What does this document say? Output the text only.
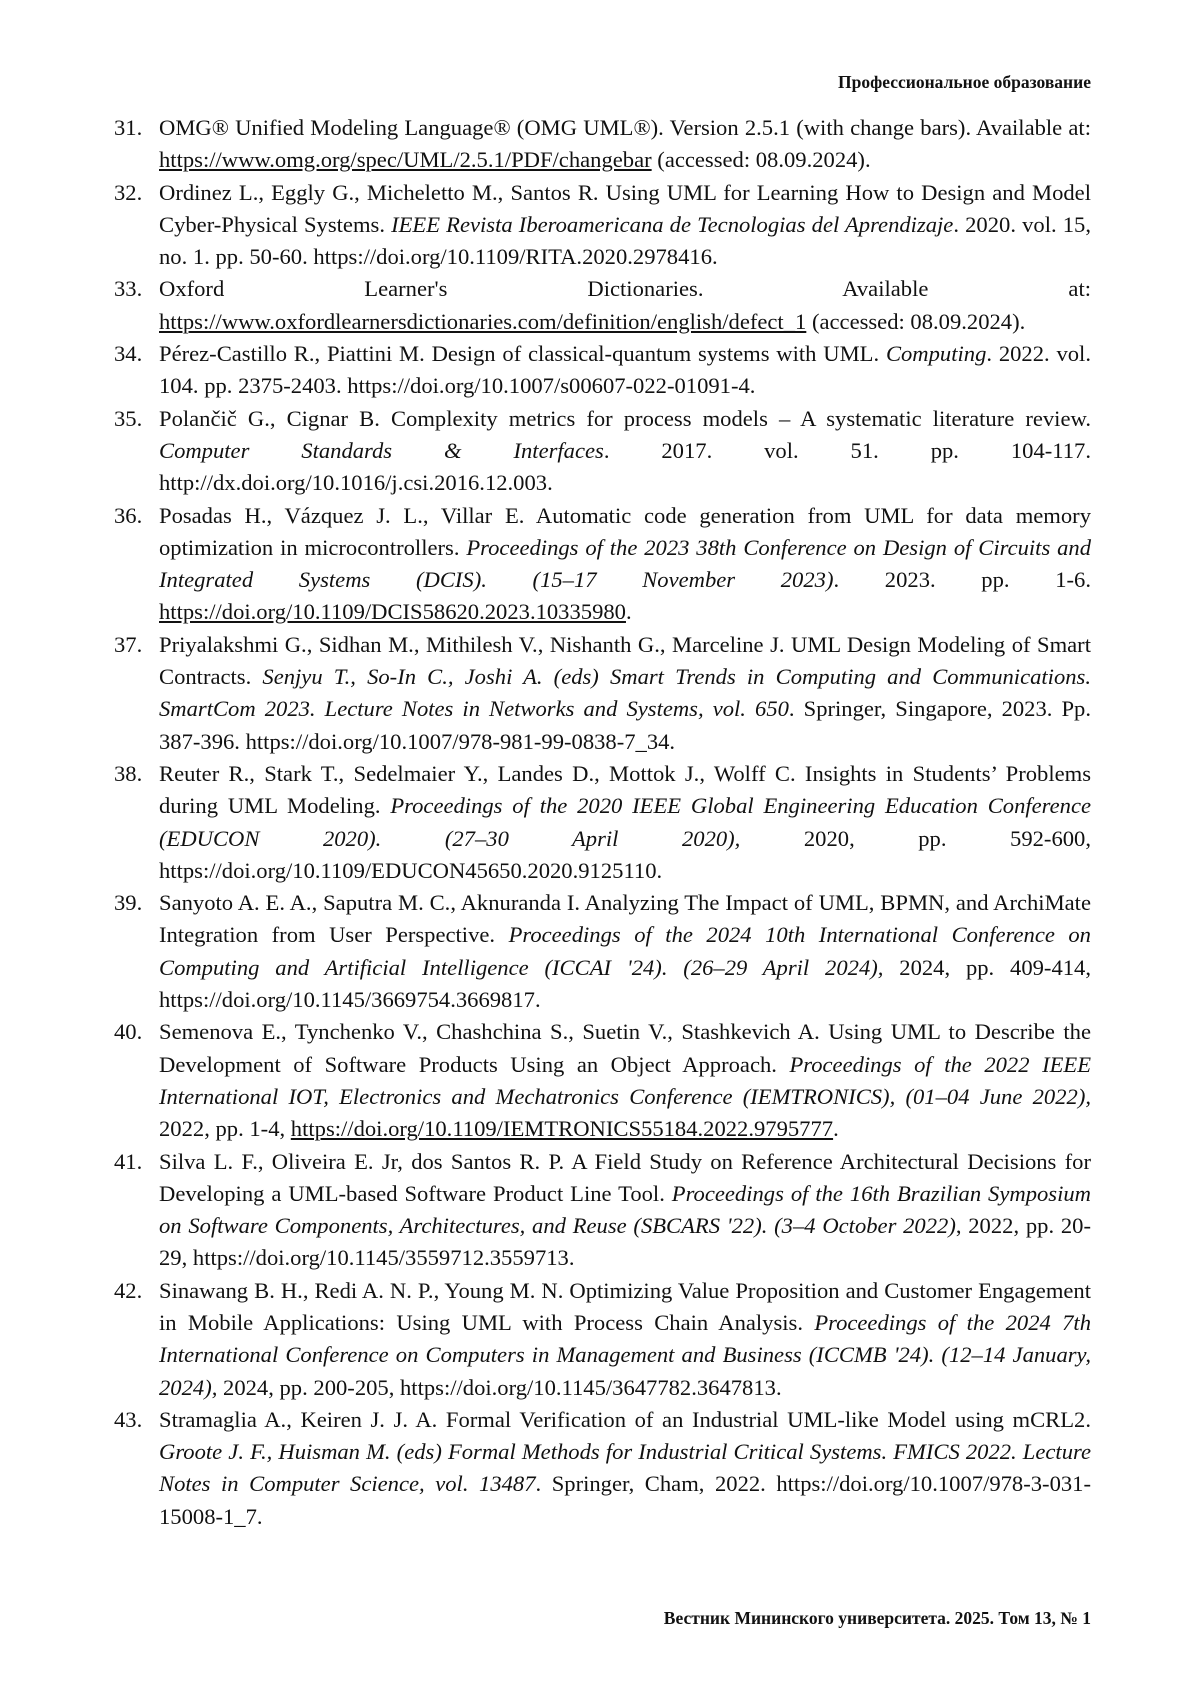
Профессиональное образование
31. OMG® Unified Modeling Language® (OMG UML®). Version 2.5.1 (with change bars). Available at: https://www.omg.org/spec/UML/2.5.1/PDF/changebar (accessed: 08.09.2024).
32. Ordinez L., Eggly G., Micheletto M., Santos R. Using UML for Learning How to Design and Model Cyber-Physical Systems. IEEE Revista Iberoamericana de Tecnologias del Aprendizaje. 2020. vol. 15, no. 1. pp. 50-60. https://doi.org/10.1109/RITA.2020.2978416.
33. Oxford Learner's Dictionaries. Available at: https://www.oxfordlearnersdictionaries.com/definition/english/defect_1 (accessed: 08.09.2024).
34. Pérez-Castillo R., Piattini M. Design of classical-quantum systems with UML. Computing. 2022. vol. 104. pp. 2375-2403. https://doi.org/10.1007/s00607-022-01091-4.
35. Polančič G., Cignar B. Complexity metrics for process models – A systematic literature review. Computer Standards & Interfaces. 2017. vol. 51. pp. 104-117. http://dx.doi.org/10.1016/j.csi.2016.12.003.
36. Posadas H., Vázquez J. L., Villar E. Automatic code generation from UML for data memory optimization in microcontrollers. Proceedings of the 2023 38th Conference on Design of Circuits and Integrated Systems (DCIS). (15–17 November 2023). 2023. pp. 1-6. https://doi.org/10.1109/DCIS58620.2023.10335980.
37. Priyalakshmi G., Sidhan M., Mithilesh V., Nishanth G., Marceline J. UML Design Modeling of Smart Contracts. Senjyu T., So-In C., Joshi A. (eds) Smart Trends in Computing and Communications. SmartCom 2023. Lecture Notes in Networks and Systems, vol. 650. Springer, Singapore, 2023. Pp. 387-396. https://doi.org/10.1007/978-981-99-0838-7_34.
38. Reuter R., Stark T., Sedelmaier Y., Landes D., Mottok J., Wolff C. Insights in Students’ Problems during UML Modeling. Proceedings of the 2020 IEEE Global Engineering Education Conference (EDUCON 2020). (27–30 April 2020), 2020, pp. 592-600, https://doi.org/10.1109/EDUCON45650.2020.9125110.
39. Sanyoto A. E. A., Saputra M. C., Aknuranda I. Analyzing The Impact of UML, BPMN, and ArchiMate Integration from User Perspective. Proceedings of the 2024 10th International Conference on Computing and Artificial Intelligence (ICCAI '24). (26–29 April 2024), 2024, pp. 409-414, https://doi.org/10.1145/3669754.3669817.
40. Semenova E., Tynchenko V., Chashchina S., Suetin V., Stashkevich A. Using UML to Describe the Development of Software Products Using an Object Approach. Proceedings of the 2022 IEEE International IOT, Electronics and Mechatronics Conference (IEMTRONICS), (01–04 June 2022), 2022, pp. 1-4, https://doi.org/10.1109/IEMTRONICS55184.2022.9795777.
41. Silva L. F., Oliveira E. Jr, dos Santos R. P. A Field Study on Reference Architectural Decisions for Developing a UML-based Software Product Line Tool. Proceedings of the 16th Brazilian Symposium on Software Components, Architectures, and Reuse (SBCARS '22). (3–4 October 2022), 2022, pp. 20-29, https://doi.org/10.1145/3559712.3559713.
42. Sinawang B. H., Redi A. N. P., Young M. N. Optimizing Value Proposition and Customer Engagement in Mobile Applications: Using UML with Process Chain Analysis. Proceedings of the 2024 7th International Conference on Computers in Management and Business (ICCMB '24). (12–14 January, 2024), 2024, pp. 200-205, https://doi.org/10.1145/3647782.3647813.
43. Stramaglia A., Keiren J. J. A. Formal Verification of an Industrial UML-like Model using mCRL2. Groote J. F., Huisman M. (eds) Formal Methods for Industrial Critical Systems. FMICS 2022. Lecture Notes in Computer Science, vol. 13487. Springer, Cham, 2022. https://doi.org/10.1007/978-3-031-15008-1_7.
Вестник Мининского университета. 2025. Том 13, № 1
